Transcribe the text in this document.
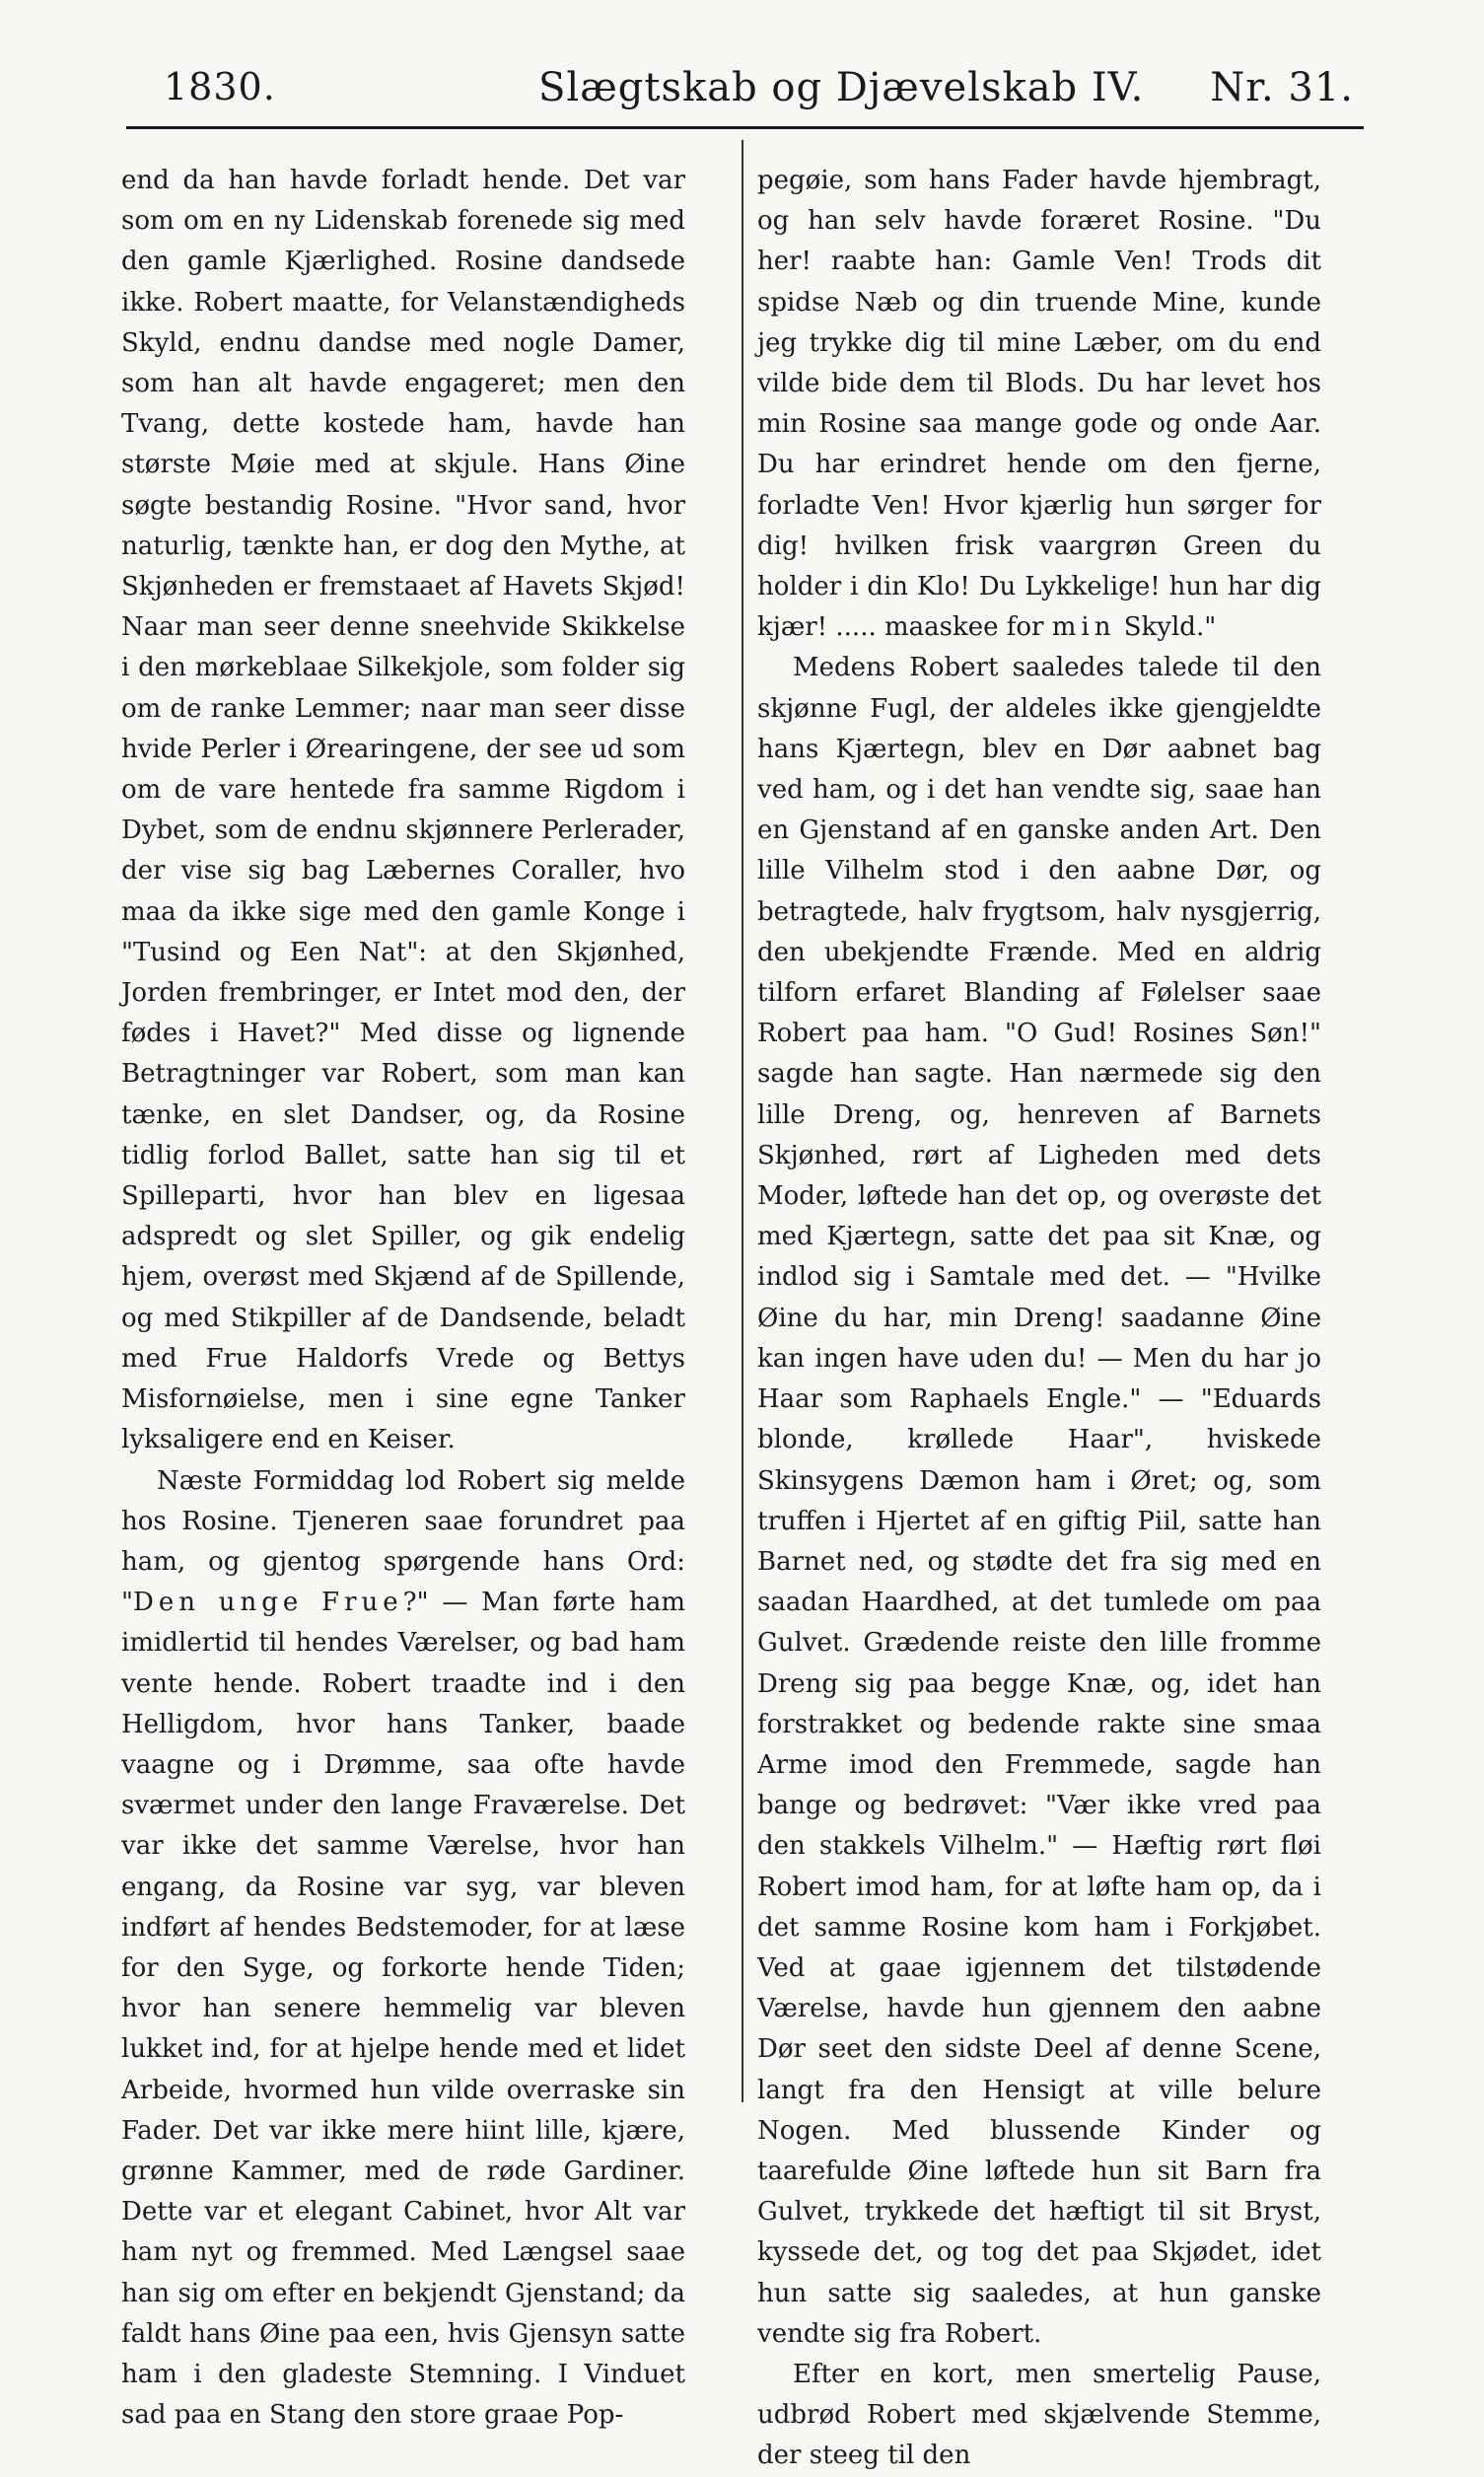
1830.	Slægtskab og Djævelskab IV. Nr. 31.

end da han havde forladt hende. Det var som om en ny Lidenskab forenede sig med den gamle Kjærlighed. Rosine dandsede ikke. Robert maatte, for Velanstændigheds Skyld, endnu dandse med nogle Damer, som han alt havde engageret; men den Tvang, dette kostede ham, havde han største Møie med at skjule. Hans Øine søgte bestandig Rosine. "Hvor sand, hvor naturlig, tænkte han, er dog den Mythe, at Skjønheden er fremstaaet af Havets Skjød! Naar man seer denne sneehvide Skikkelse i den mørkeblaae Silkekjole, som folder sig om de ranke Lemmer; naar man seer disse hvide Perler i Ørearingene, der see ud som om de vare hentede fra samme Rigdom i Dybet, som de endnu skjønnere Perlerader, der vise sig bag Læbernes Coraller, hvo maa da ikke sige med den gamle Konge i "Tusind og Een Nat": at den Skjønhed, Jorden frembringer, er Intet mod den, der fødes i Havet?" Med disse og lignende Betragtninger var Robert, som man kan tænke, en slet Dandser, og, da Rosine tidlig forlod Ballet, satte han sig til et Spilleparti, hvor han blev en ligesaa adspredt og slet Spiller, og gik endelig hjem, overøst med Skjænd af de Spillende, og med Stikpiller af de Dandsende, beladt med Frue Haldorfs Vrede og Bettys Misfornøielse, men i sine egne Tanker lyksaligere end en Keiser.

Næste Formiddag lod Robert sig melde hos Rosine. Tjeneren saae forundret paa ham, og gjentog spørgende hans Ord: "Den unge Frue?" — Man førte ham imidlertid til hendes Værelser, og bad ham vente hende. Robert traadte ind i den Helligdom, hvor hans Tanker, baade vaagne og i Drømme, saa ofte havde sværmet under den lange Fraværelse. Det var ikke det samme Værelse, hvor han engang, da Rosine var syg, var bleven indført af hendes Bedstemoder, for at læse for den Syge, og forkorte hende Tiden; hvor han senere hemmelig var bleven lukket ind, for at hjelpe hende med et lidet Arbeide, hvormed hun vilde overraske sin Fader. Det var ikke mere hiint lille, kjære, grønne Kammer, med de røde Gardiner. Dette var et elegant Cabinet, hvor Alt var ham nyt og fremmed. Med Længsel saae han sig om efter en bekjendt Gjenstand; da faldt hans Øine paa een, hvis Gjensyn satte ham i den gladeste Stemning. I Vinduet sad paa en Stang den store graae Pop-

pegøie, som hans Fader havde hjembragt, og han selv havde foræret Rosine. "Du her! raabte han: Gamle Ven! Trods dit spidse Næb og din truende Mine, kunde jeg trykke dig til mine Læber, om du end vilde bide dem til Blods. Du har levet hos min Rosine saa mange gode og onde Aar. Du har erindret hende om den fjerne, forladte Ven! Hvor kjærlig hun sørger for dig! hvilken frisk vaargrøn Green du holder i din Klo! Du Lykkelige! hun har dig kjær! ..... maaskee for min Skyld."

Medens Robert saaledes talede til den skjønne Fugl, der aldeles ikke gjengjeldte hans Kjærtegn, blev en Dør aabnet bag ved ham, og i det han vendte sig, saae han en Gjenstand af en ganske anden Art. Den lille Vilhelm stod i den aabne Dør, og betragtede, halv frygtsom, halv nysgjerrig, den ubekjendte Frænde. Med en aldrig tilforn erfaret Blanding af Følelser saae Robert paa ham. "O Gud! Rosines Søn!" sagde han sagte. Han nærmede sig den lille Dreng, og, henreven af Barnets Skjønhed, rørt af Ligheden med dets Moder, løftede han det op, og overøste det med Kjærtegn, satte det paa sit Knæ, og indlod sig i Samtale med det. — "Hvilke Øine du har, min Dreng! saadanne Øine kan ingen have uden du! — Men du har jo Haar som Raphaels Engle." — "Eduards blonde, krøllede Haar", hviskede Skinsygens Dæmon ham i Øret; og, som truffen i Hjertet af en giftig Piil, satte han Barnet ned, og stødte det fra sig med en saadan Haardhed, at det tumlede om paa Gulvet. Grædende reiste den lille fromme Dreng sig paa begge Knæ, og, idet han forstrakket og bedende rakte sine smaa Arme imod den Fremmede, sagde han bange og bedrøvet: "Vær ikke vred paa den stakkels Vilhelm." — Hæftig rørt fløi Robert imod ham, for at løfte ham op, da i det samme Rosine kom ham i Forkjøbet. Ved at gaae igjennem det tilstødende Værelse, havde hun gjennem den aabne Dør seet den sidste Deel af denne Scene, langt fra den Hensigt at ville belure Nogen. Med blussende Kinder og taarefulde Øine løftede hun sit Barn fra Gulvet, trykkede det hæftigt til sit Bryst, kyssede det, og tog det paa Skjødet, idet hun satte sig saaledes, at hun ganske vendte sig fra Robert.

Efter en kort, men smertelig Pause, udbrød Robert med skjælvende Stemme, der steeg til den
